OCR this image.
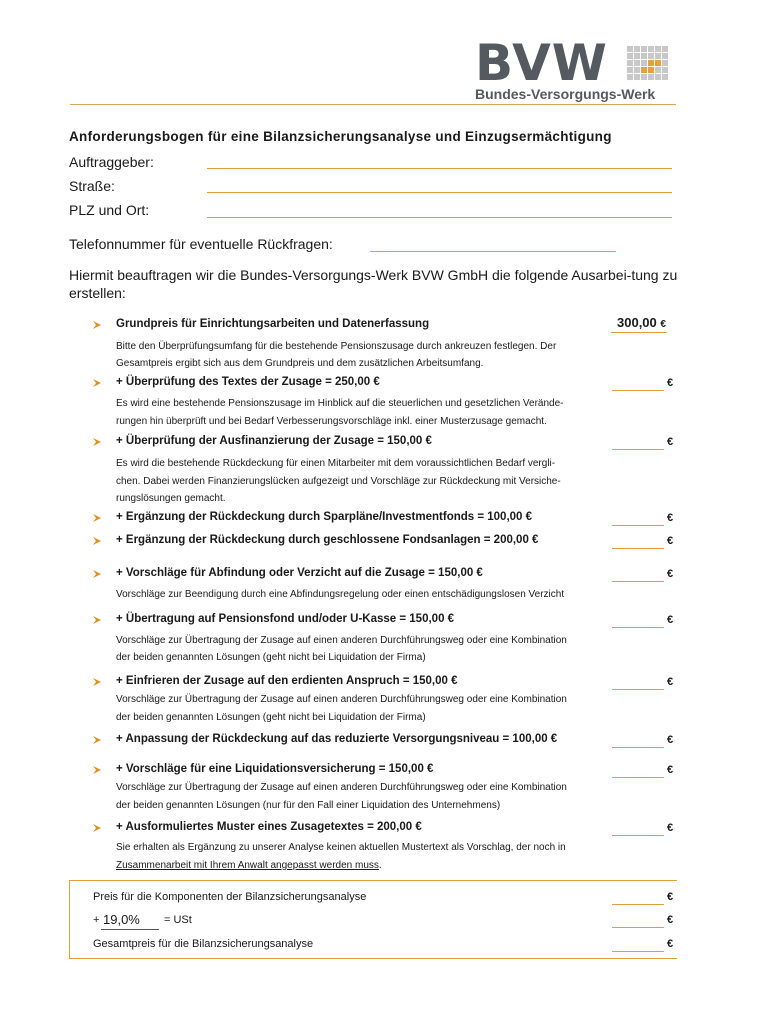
BVW
Bundes-Versorgungs-Werk
Anforderungsbogen für eine Bilanzsicherungsanalyse und Einzugsermächtigung
Auftraggeber:
Straße:
PLZ und Ort:
Telefonnummer für eventuelle Rückfragen:
Hiermit beauftragen wir die Bundes-Versorgungs-Werk BVW GmbH die folgende Ausarbei-tung zu erstellen:
Grundpreis für Einrichtungsarbeiten und Datenerfassung
Bitte den Überprüfungsumfang für die bestehende Pensionszusage durch ankreuzen festlegen. Der
Gesamtpreis ergibt sich aus dem Grundpreis und dem zusätzlichen Arbeitsumfang.
300,00 €
+ Überprüfung des Textes der Zusage = 250,00 €
Es wird eine bestehende Pensionszusage im Hinblick auf die steuerlichen und gesetzlichen Verände-
rungen hin überprüft und bei Bedarf Verbesserungsvorschläge inkl. einer Musterzusage gemacht.
€
+ Überprüfung der Ausfinanzierung der Zusage = 150,00 €
Es wird die bestehende Rückdeckung für einen Mitarbeiter mit dem voraussichtlichen Bedarf vergli-
chen. Dabei werden Finanzierungslücken aufgezeigt und Vorschläge zur Rückdeckung mit Versiche-
rungslösungen gemacht.
€
+ Ergänzung der Rückdeckung durch Sparpläne/Investmentfonds = 100,00 €	€
+ Ergänzung der Rückdeckung durch geschlossene Fondsanlagen = 200,00 €	€
+ Vorschläge für Abfindung oder Verzicht auf die Zusage = 150,00 €
Vorschläge zur Beendigung durch eine Abfindungsregelung oder einen entschädigungslosen Verzicht
€
+ Übertragung auf Pensionsfond und/oder U-Kasse = 150,00 €
Vorschläge zur Übertragung der Zusage auf einen anderen Durchführungsweg oder eine Kombination
der beiden genannten Lösungen (geht nicht bei Liquidation der Firma)
€
+ Einfrieren der Zusage auf den erdienten Anspruch = 150,00 €
Vorschläge zur Übertragung der Zusage auf einen anderen Durchführungsweg oder eine Kombination
der beiden genannten Lösungen (geht nicht bei Liquidation der Firma)
€
+ Anpassung der Rückdeckung auf das reduzierte Versorgungsniveau = 100,00 €	€
+ Vorschläge für eine Liquidationsversicherung = 150,00 €
Vorschläge zur Übertragung der Zusage auf einen anderen Durchführungsweg oder eine Kombination
der beiden genannten Lösungen (nur für den Fall einer Liquidation des Unternehmens)
€
+ Ausformuliertes Muster eines Zusagetextes = 200,00 €
Sie erhalten als Ergänzung zu unserer Analyse keinen aktuellen Mustertext als Vorschlag, der noch in
Zusammenarbeit mit Ihrem Anwalt angepasst werden muss.
€
Preis für die Komponenten der Bilanzsicherungsanalyse	€
+ 19,0% = USt	€
Gesamtpreis für die Bilanzsicherungsanalyse	€
